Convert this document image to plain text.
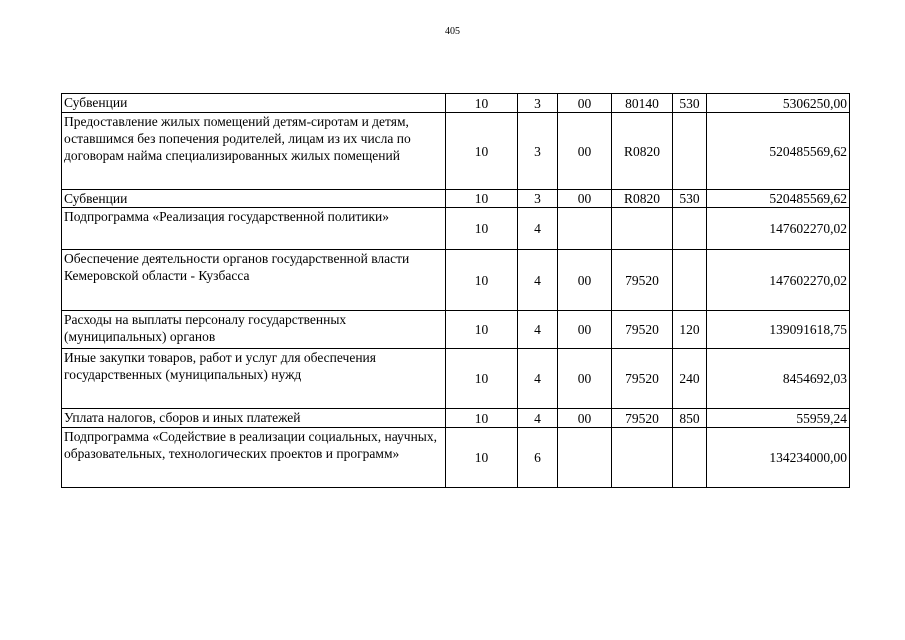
405
Субвенции	10	3	00	80140	530	5306250,00
Предоставление жилых помещений детям-сиротам и детям, оставшимся без попечения родителей, лицам из их числа по договорам найма специализированных жилых помещений	10	3	00	R0820		520485569,62
Субвенции	10	3	00	R0820	530	520485569,62
Подпрограмма «Реализация государственной политики»	10	4				147602270,02
Обеспечение деятельности органов государственной власти Кемеровской области - Кузбасса	10	4	00	79520		147602270,02
Расходы на выплаты персоналу государственных (муниципальных) органов	10	4	00	79520	120	139091618,75
Иные закупки товаров, работ и услуг для обеспечения государственных (муниципальных) нужд	10	4	00	79520	240	8454692,03
Уплата налогов, сборов и иных платежей	10	4	00	79520	850	55959,24
Подпрограмма «Содействие в реализации социальных, научных, образовательных, технологических проектов и программ»	10	6				134234000,00
